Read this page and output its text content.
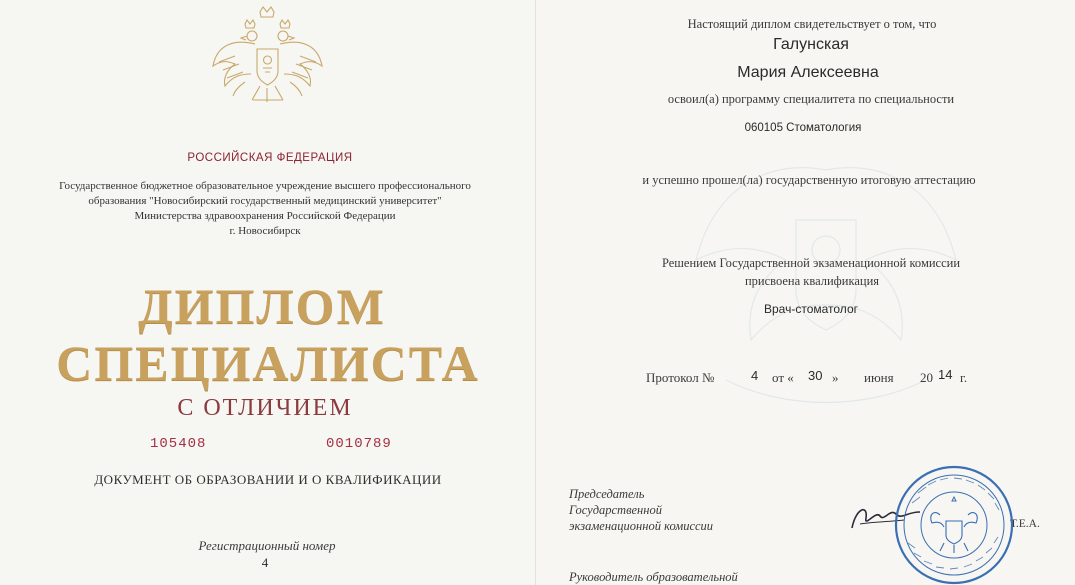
РОССИЙСКАЯ ФЕДЕРАЦИЯ
Государственное бюджетное образовательное учреждение высшего профессионального
образования "Новосибирский государственный медицинский университет"
Министерства здравоохранения Российской Федерации
г. Новосибирск
ДИПЛОМ
СПЕЦИАЛИСТА
С ОТЛИЧИЕМ
105408	0010789
ДОКУМЕНТ ОБ ОБРАЗОВАНИИ И О КВАЛИФИКАЦИИ
Регистрационный номер
4
Настоящий диплом свидетельствует о том, что
Галунская
Мария Алексеевна
освоил(а) программу специалитета по специальности
060105 Стоматология
и успешно прошел(ла) государственную итоговую аттестацию
Решением Государственной экзаменационной комиссии
присвоена квалификация
Врач-стоматолог
Протокол №	4 от « 30 » июня 20 14 г.
Председатель
Государственной
экзаменационной комиссии	Т.Е.А.
Руководитель образовательной
